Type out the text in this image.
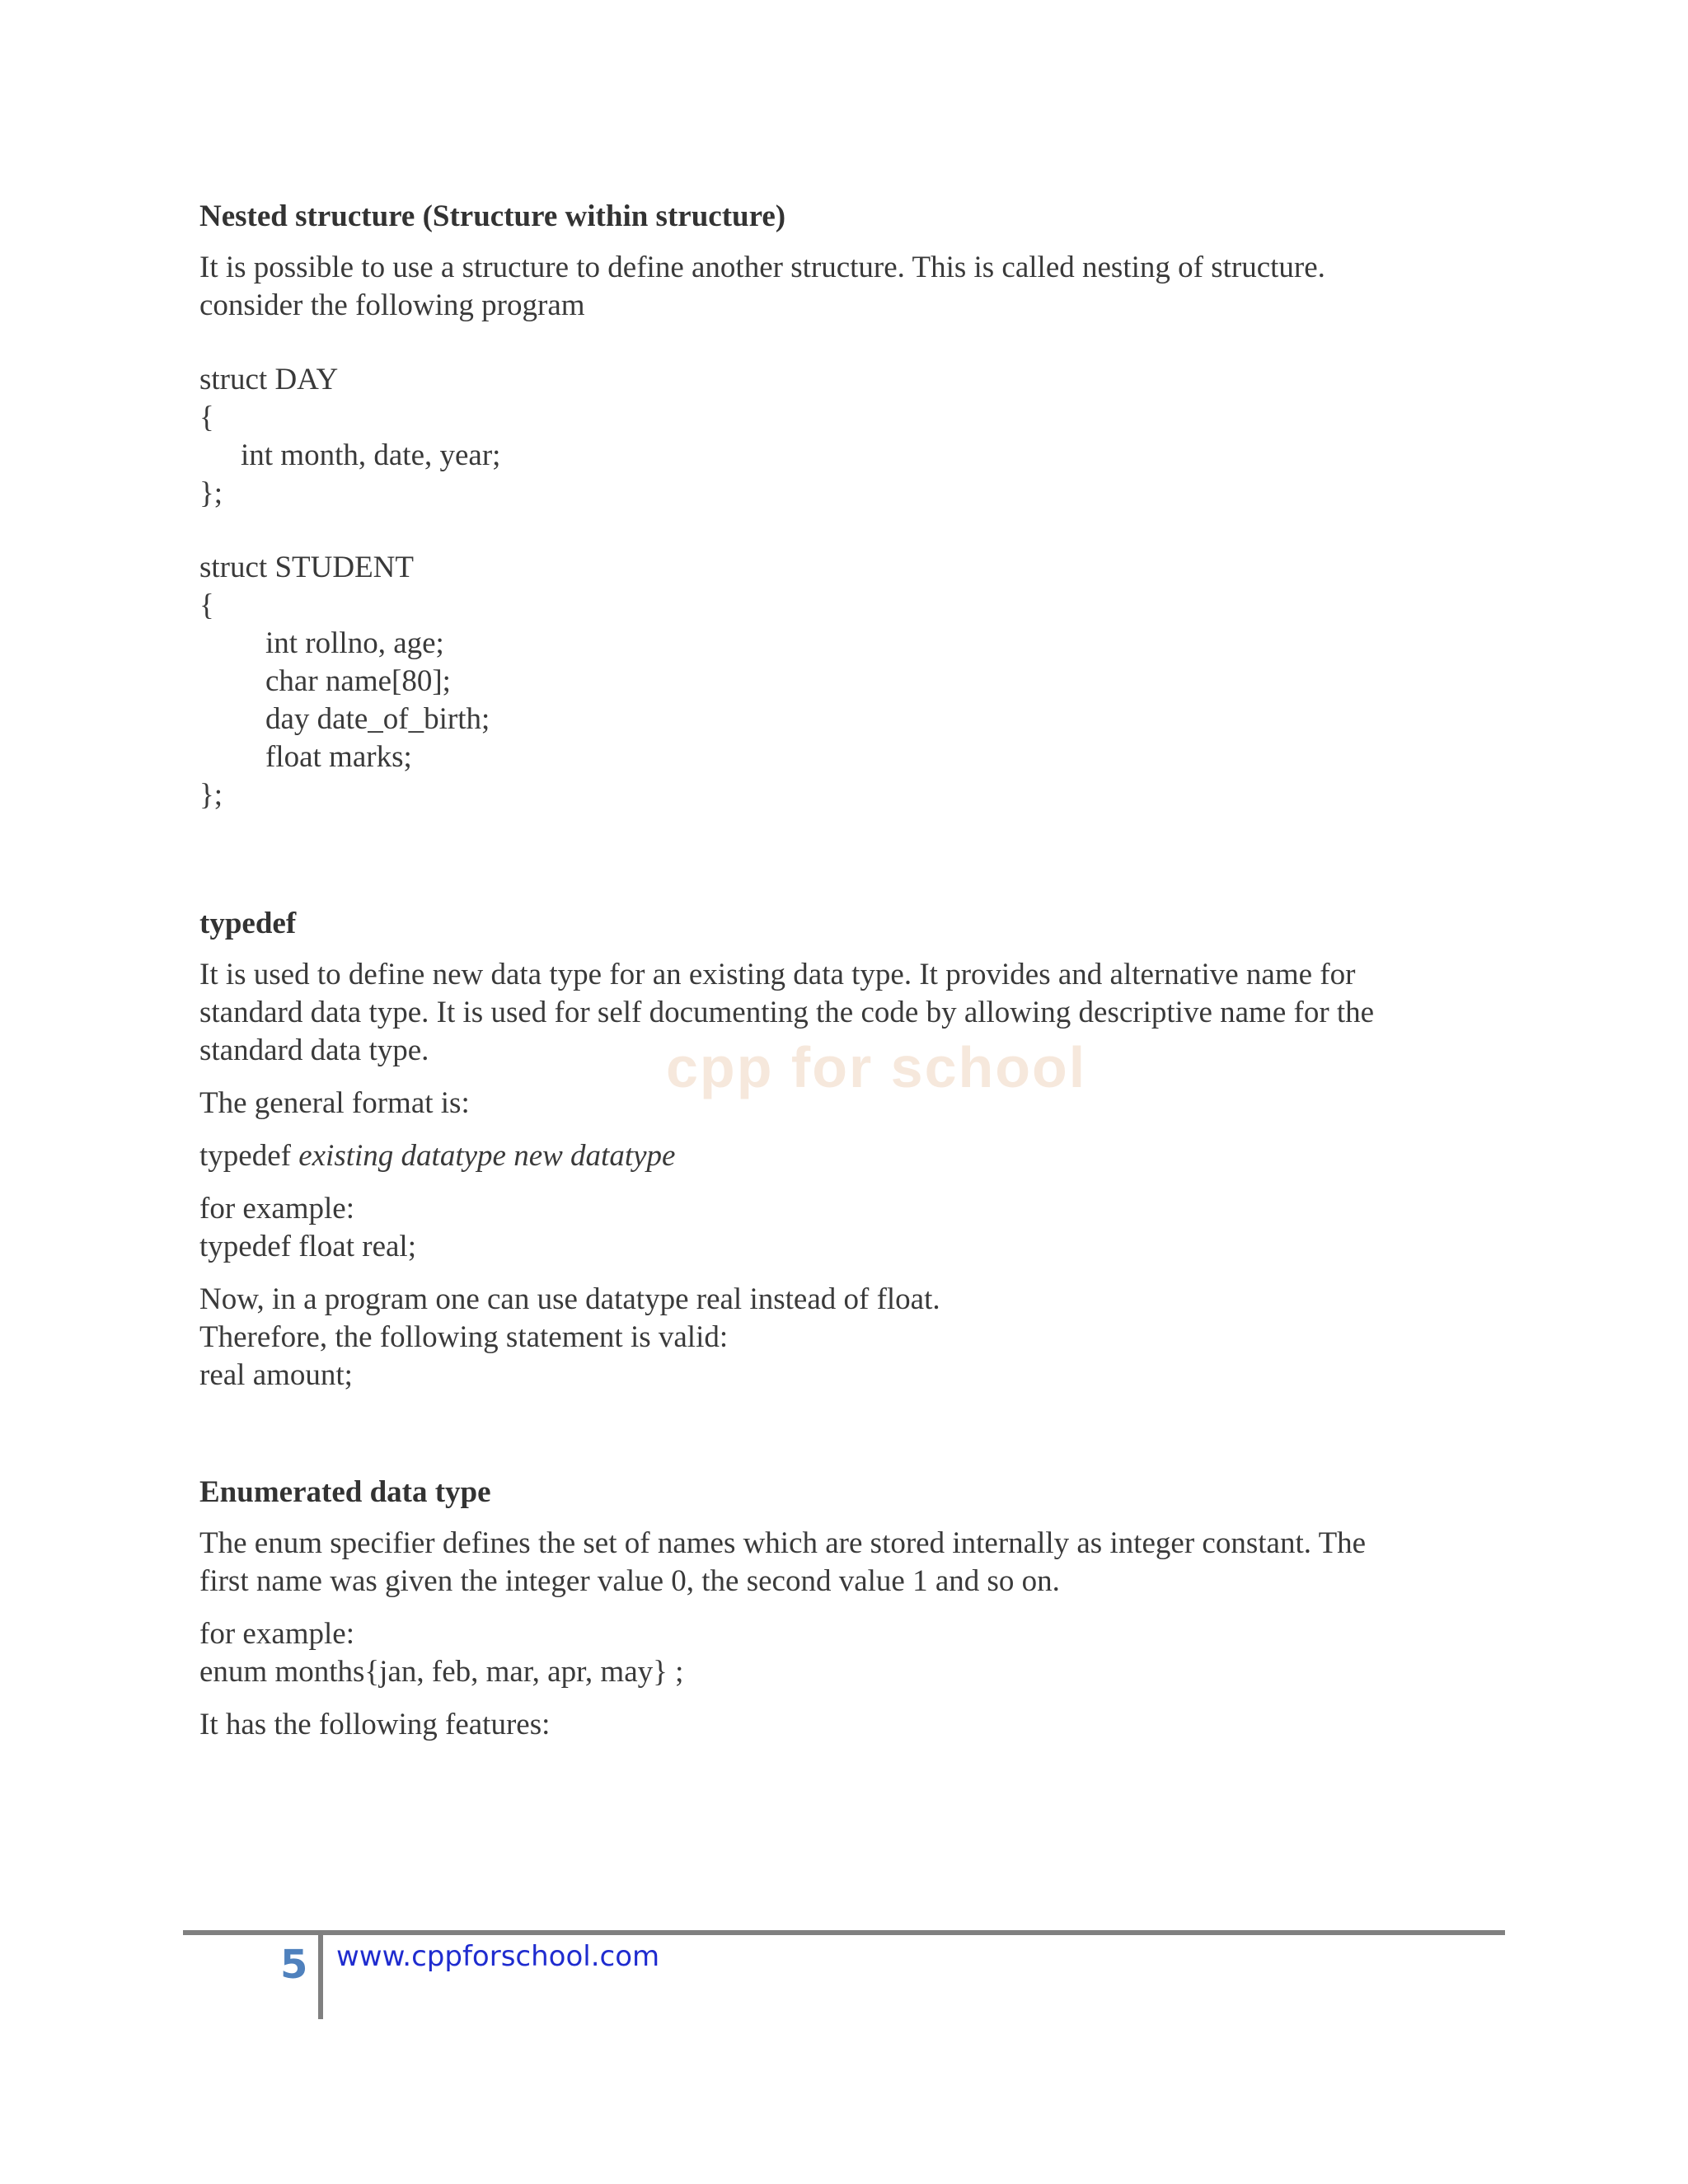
cpp for school

Nested structure (Structure within structure)

It is possible to use a structure to define another structure. This is called nesting of structure.

consider the following program

struct DAY

{

int month, date, year;

};

struct STUDENT

{

int rollno, age;

char name[80];

day date_of_birth;

float marks;

};

typedef

It is used to define new data type for an existing data type. It provides and alternative name for

standard data type. It is used for self documenting the code by allowing descriptive name for the

standard data type.

The general format is:

typedef existing datatype new datatype

for example:

typedef float real;

Now, in a program one can use datatype real instead of float.

Therefore, the following statement is valid:

real amount;

Enumerated data type

The enum specifier defines the set of names which are stored internally as integer constant. The

first name was given the integer value 0, the second value 1 and so on.

for example:

enum months{jan, feb, mar, apr, may} ;

It has the following features:

5 www.cppforschool.com
